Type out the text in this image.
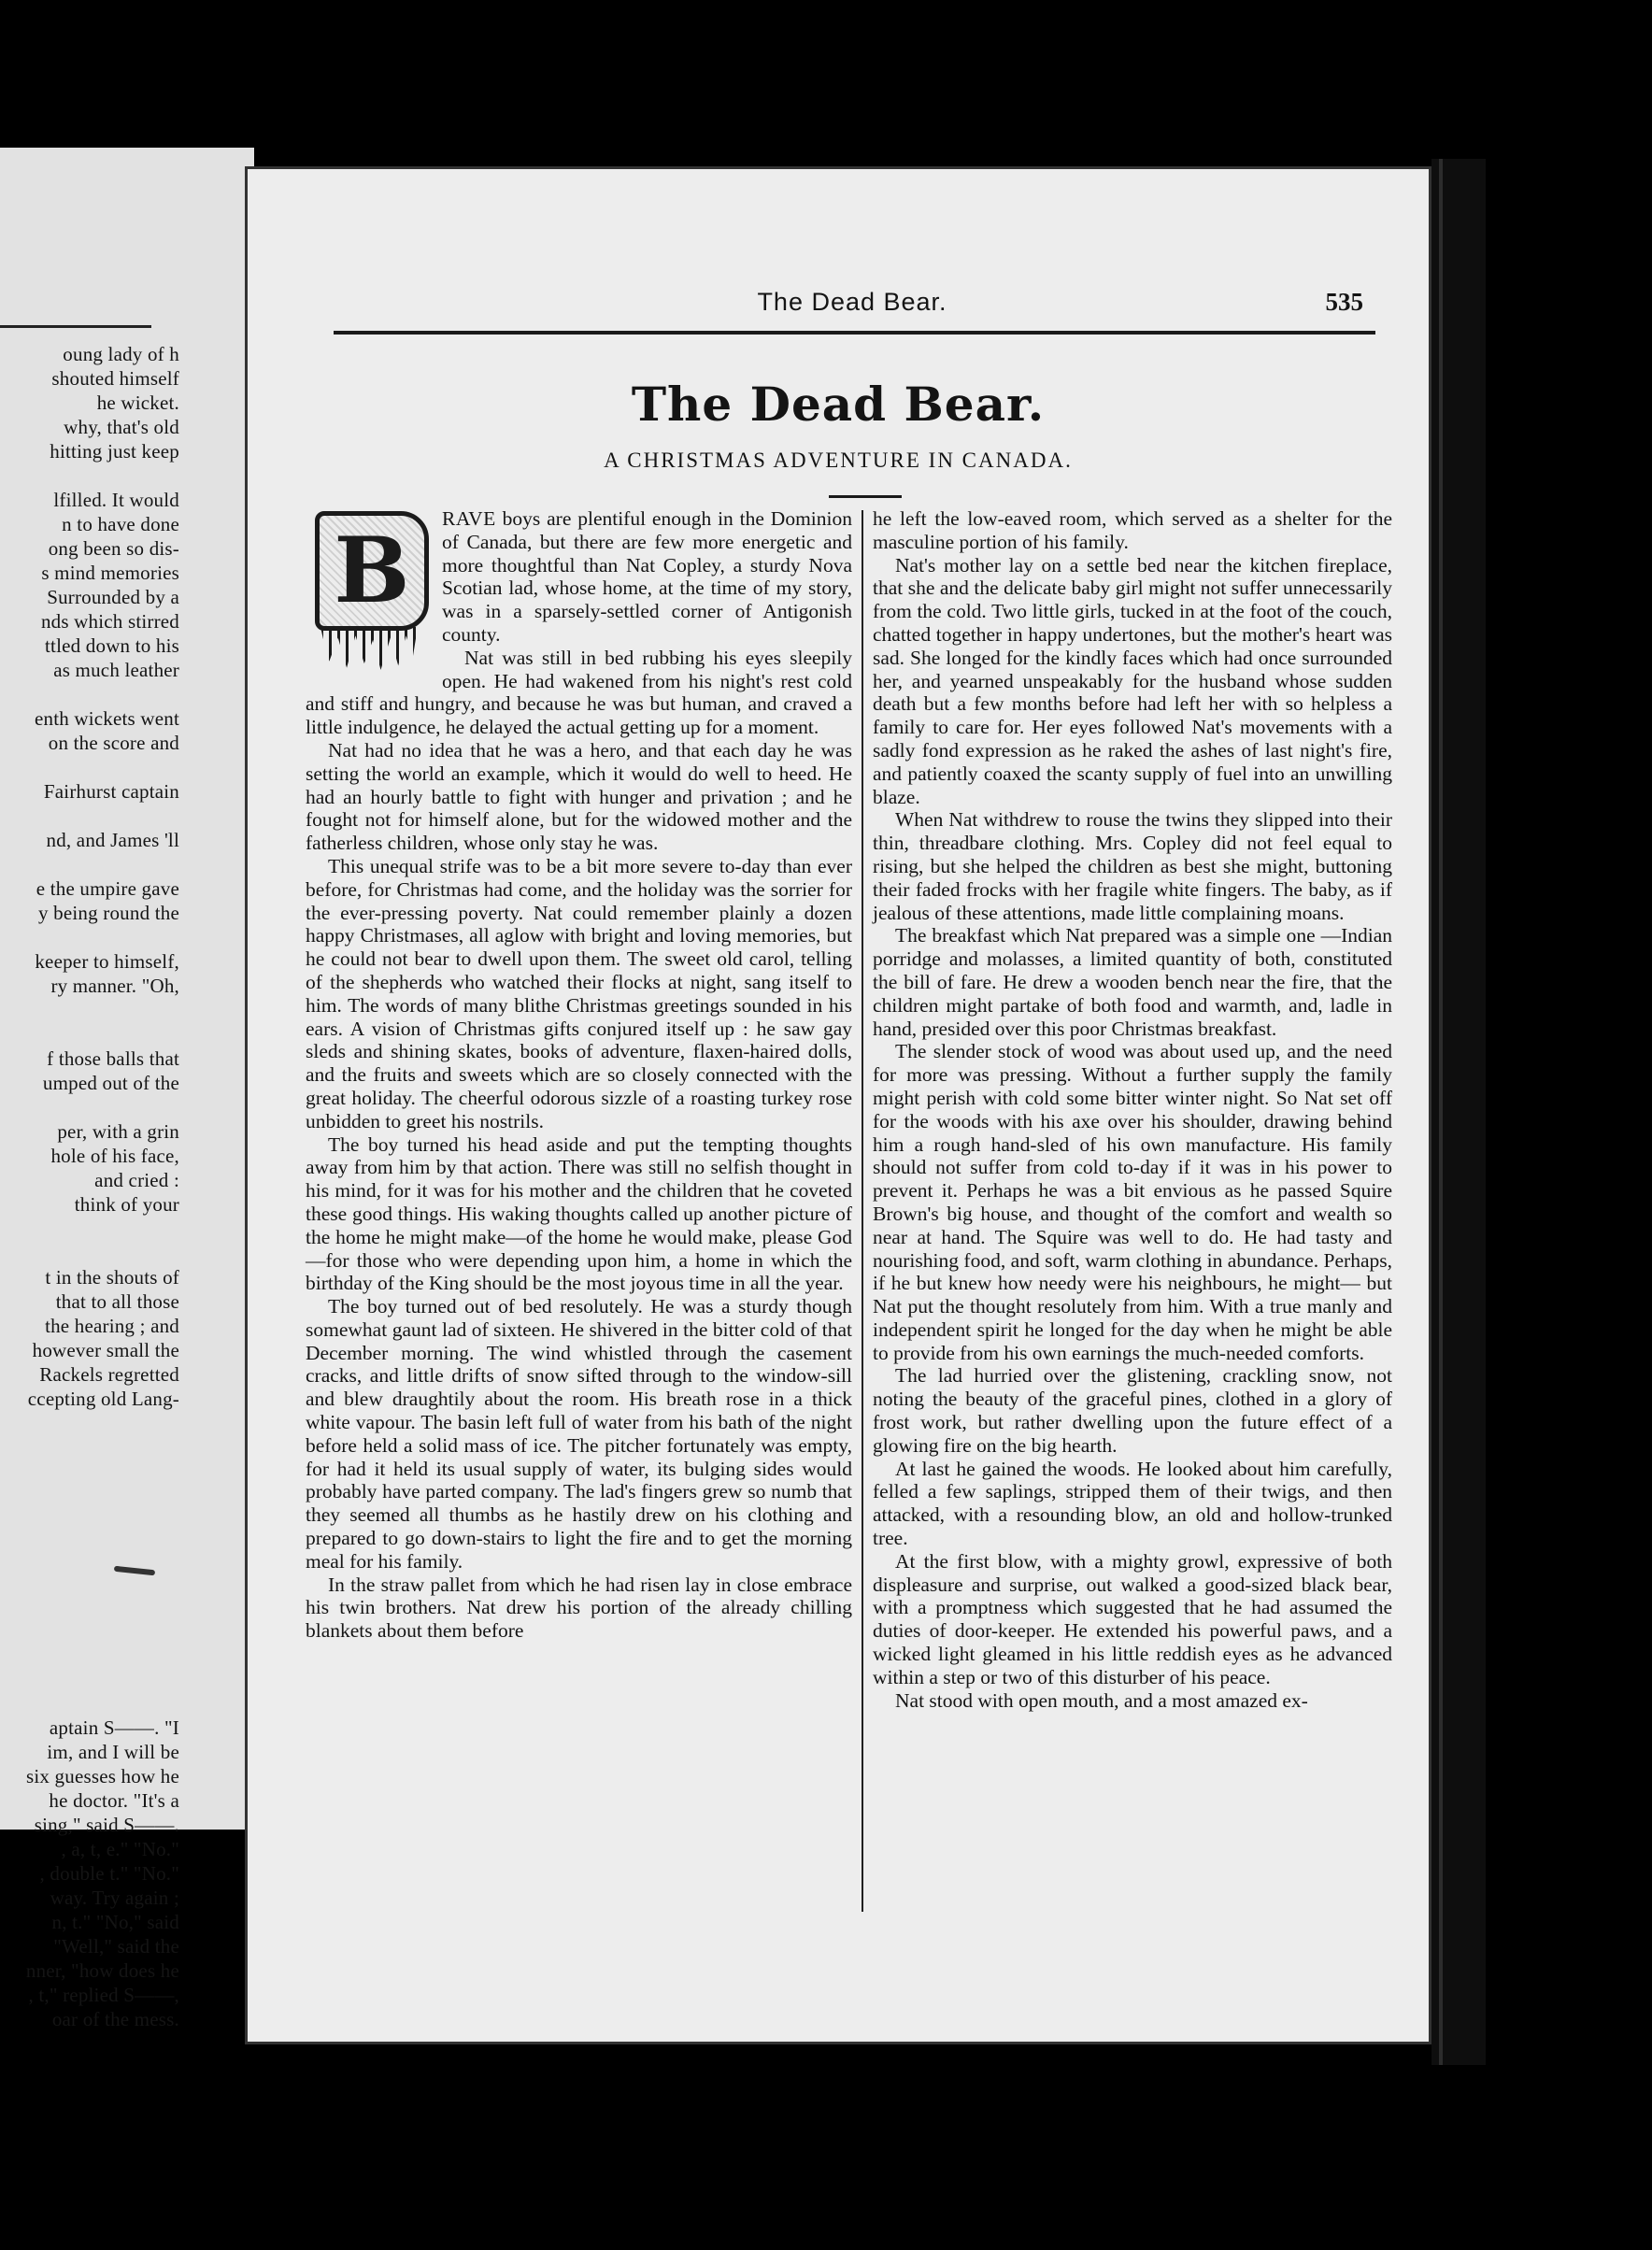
oung lady of h
shouted himself
he wicket.
why, that's old
hitting just keep
lfilled. It would
n to have done
ong been so dis-
s mind memories
Surrounded by a
nds which stirred
ttled down to his
as much leather
enth wickets went
on the score and
Fairhurst captain
nd, and James 'll
e the umpire gave
y being round the
keeper to himself,
ry manner. "Oh,
f those balls that
umped out of the
per, with a grin
hole of his face,
and cried :
think of your
t in the shouts of
that to all those
the hearing ; and
however small the
Rackels regretted
ccepting old Lang-
aptain S——. "I
im, and I will be
six guesses how he
he doctor. "It's a
sing," said S——.
, a, t, e." "No."
, double t." "No."
way. Try again ;
n, t." "No," said
"Well," said the
nner, "how does he
, t," replied S——,
oar of the mess.
The Dead Bear.	535
The Dead Bear.
A CHRISTMAS ADVENTURE IN CANADA.

B	RAVE boys are plentiful enough in the Dominion of Canada, but there are few more energetic and more thoughtful than Nat Copley, a sturdy Nova Scotian lad, whose home, at the time of my story, was in a sparsely-settled corner of Antigonish county.

Nat was still in bed rubbing his eyes sleepily open. He had wakened from his night's rest cold and stiff and hungry, and because he was but human, and craved a little indulgence, he delayed the actual getting up for a moment.

Nat had no idea that he was a hero, and that each day he was setting the world an example, which it would do well to heed. He had an hourly battle to fight with hunger and privation ; and he fought not for himself alone, but for the widowed mother and the fatherless children, whose only stay he was.

This unequal strife was to be a bit more severe to-day than ever before, for Christmas had come, and the holiday was the sorrier for the ever-pressing poverty. Nat could remember plainly a dozen happy Christmases, all aglow with bright and loving memories, but he could not bear to dwell upon them. The sweet old carol, telling of the shepherds who watched their flocks at night, sang itself to him. The words of many blithe Christmas greetings sounded in his ears. A vision of Christmas gifts conjured itself up : he saw gay sleds and shining skates, books of adventure, flaxen-haired dolls, and the fruits and sweets which are so closely connected with the great holiday. The cheerful odorous sizzle of a roasting turkey rose unbidden to greet his nostrils.

The boy turned his head aside and put the tempting thoughts away from him by that action. There was still no selfish thought in his mind, for it was for his mother and the children that he coveted these good things. His waking thoughts called up another picture of the home he might make—of the home he would make, please God—for those who were depending upon him, a home in which the birthday of the King should be the most joyous time in all the year.

The boy turned out of bed resolutely. He was a sturdy though somewhat gaunt lad of sixteen. He shivered in the bitter cold of that December morning. The wind whistled through the casement cracks, and little drifts of snow sifted through to the window-sill and blew draughtily about the room. His breath rose in a thick white vapour. The basin left full of water from his bath of the night before held a solid mass of ice. The pitcher fortunately was empty, for had it held its usual supply of water, its bulging sides would probably have parted company. The lad's fingers grew so numb that they seemed all thumbs as he hastily drew on his clothing and prepared to go down-stairs to light the fire and to get the morning meal for his family.

In the straw pallet from which he had risen lay in close embrace his twin brothers. Nat drew his portion of the already chilling blankets about them before

he left the low-eaved room, which served as a shelter for the masculine portion of his family.

Nat's mother lay on a settle bed near the kitchen fireplace, that she and the delicate baby girl might not suffer unnecessarily from the cold. Two little girls, tucked in at the foot of the couch, chatted together in happy undertones, but the mother's heart was sad. She longed for the kindly faces which had once surrounded her, and yearned unspeakably for the husband whose sudden death but a few months before had left her with so helpless a family to care for. Her eyes followed Nat's movements with a sadly fond expression as he raked the ashes of last night's fire, and patiently coaxed the scanty supply of fuel into an unwilling blaze.

When Nat withdrew to rouse the twins they slipped into their thin, threadbare clothing. Mrs. Copley did not feel equal to rising, but she helped the children as best she might, buttoning their faded frocks with her fragile white fingers. The baby, as if jealous of these attentions, made little complaining moans.

The breakfast which Nat prepared was a simple one —Indian porridge and molasses, a limited quantity of both, constituted the bill of fare. He drew a wooden bench near the fire, that the children might partake of both food and warmth, and, ladle in hand, presided over this poor Christmas breakfast.

The slender stock of wood was about used up, and the need for more was pressing. Without a further supply the family might perish with cold some bitter winter night. So Nat set off for the woods with his axe over his shoulder, drawing behind him a rough hand-sled of his own manufacture. His family should not suffer from cold to-day if it was in his power to prevent it. Perhaps he was a bit envious as he passed Squire Brown's big house, and thought of the comfort and wealth so near at hand. The Squire was well to do. He had tasty and nourishing food, and soft, warm clothing in abundance. Perhaps, if he but knew how needy were his neighbours, he might— but Nat put the thought resolutely from him. With a true manly and independent spirit he longed for the day when he might be able to provide from his own earnings the much-needed comforts.

The lad hurried over the glistening, crackling snow, not noting the beauty of the graceful pines, clothed in a glory of frost work, but rather dwelling upon the future effect of a glowing fire on the big hearth.

At last he gained the woods. He looked about him carefully, felled a few saplings, stripped them of their twigs, and then attacked, with a resounding blow, an old and hollow-trunked tree.

At the first blow, with a mighty growl, expressive of both displeasure and surprise, out walked a good-sized black bear, with a promptness which suggested that he had assumed the duties of door-keeper. He extended his powerful paws, and a wicked light gleamed in his little reddish eyes as he advanced within a step or two of this disturber of his peace.

Nat stood with open mouth, and a most amazed ex-
